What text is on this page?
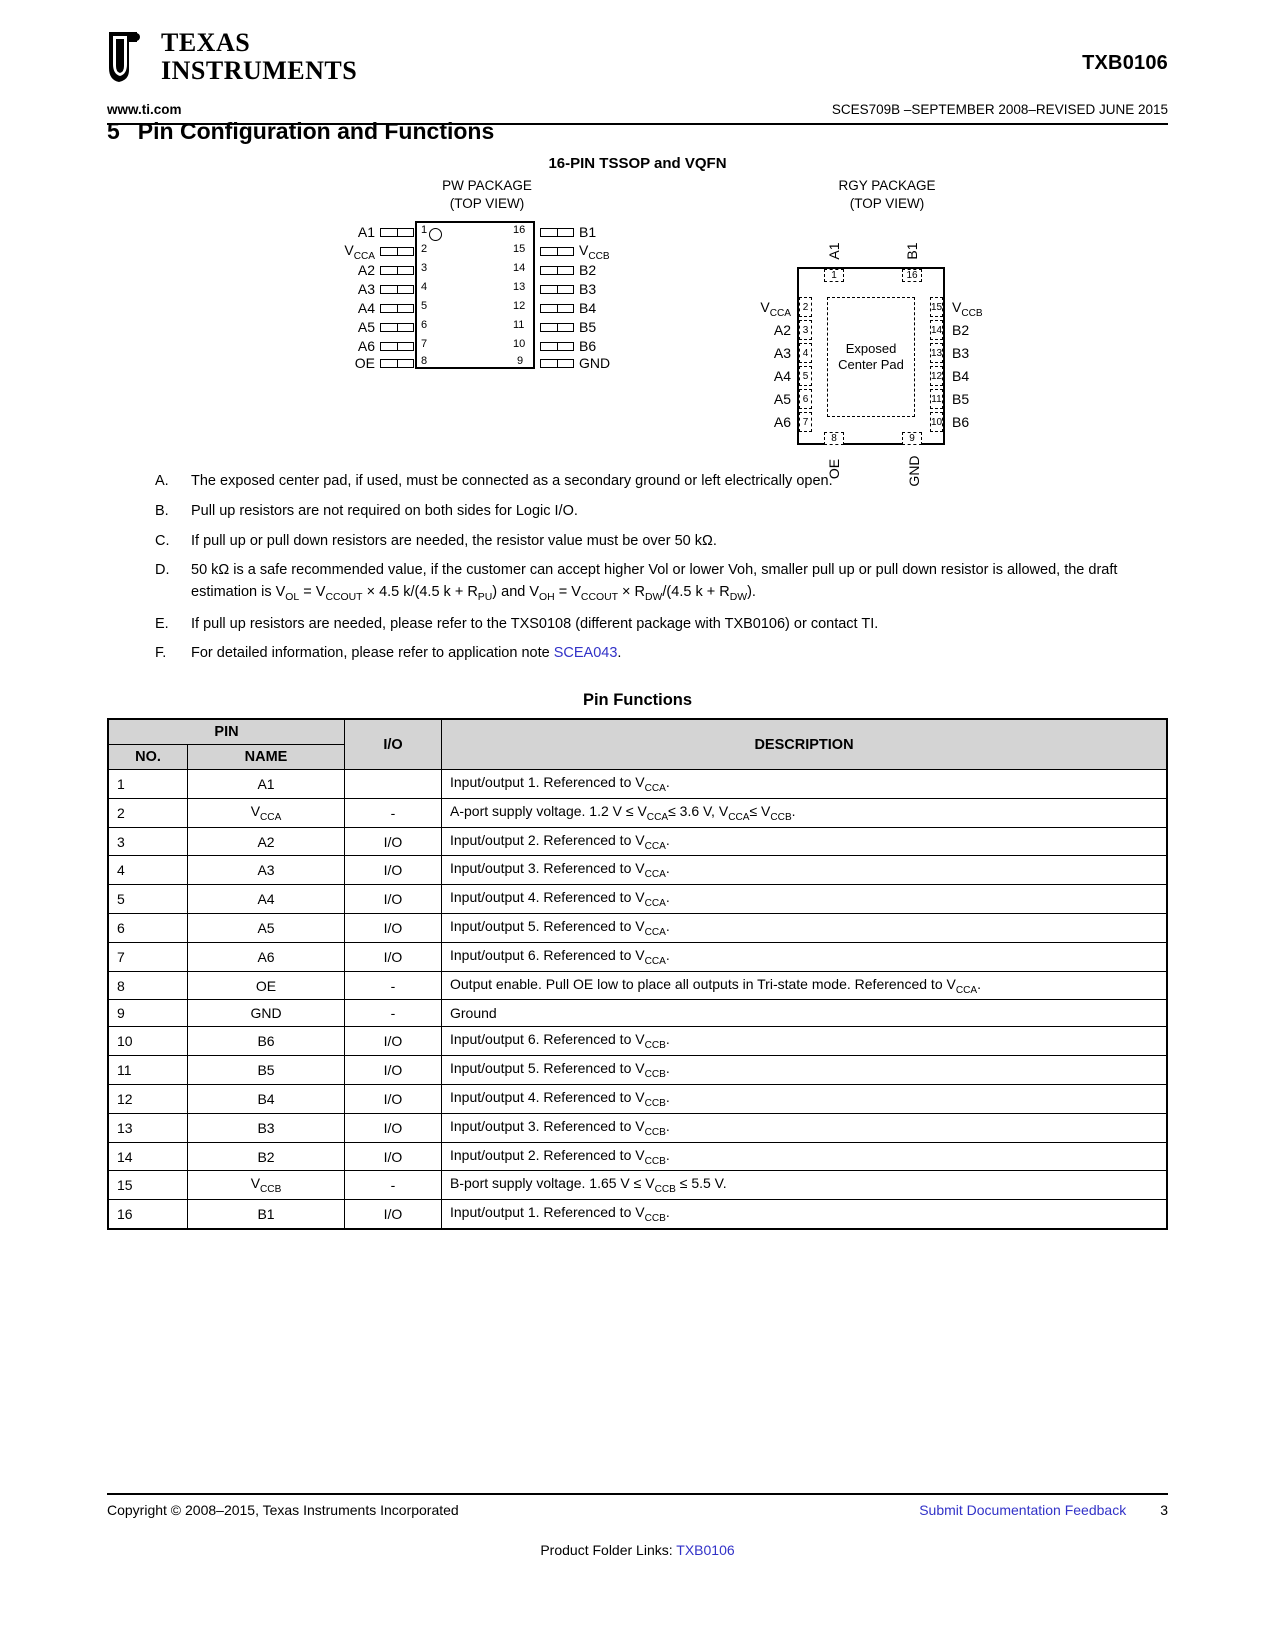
TEXAS
INSTRUMENTS	TXB0106
www.ti.com	SCES709B –SEPTEMBER 2008–REVISED JUNE 2015
5 Pin Configuration and Functions
16-PIN TSSOP and VQFN
PW PACKAGE
(TOP VIEW)
A1	1
$V_{CCA}$
2
A2	3
A3	4
A4	5
A5	6
A6	7
OE	8
B1
16
$V_{CCB}$
15
B2
14
B3
13
B4
12
B5
11
B6
10
GND
9
RGY PACKAGE
(TOP VIEW)
A1	B1
Exposed
Center Pad
1	16
2
$V_{CCA}$
3
A2
4
A3
5
A4
6
A5
7
A6
15 $V_{CCB}$
14 B2
13 B3
12 B4
11 B5
10 B6
8
OE
9
GND
A.	The exposed center pad, if used, must be connected as a secondary ground or left electrically open.
B.	Pull up resistors are not required on both sides for Logic I/O.
C.	If pull up or pull down resistors are needed, the resistor value must be over 50 kΩ.
D.	50 kΩ is a safe recommended value, if the customer can accept higher Vol or lower Voh, smaller pull up or pull down resistor is allowed, the draft estimation is $V_{OL} = V_{CCOUT} \times 4.5$ k/(4.5 $k + R_{PU}$) and $V_{OH} = V_{CCOUT} \times R_{DW}/(4.5$ $k + R_{DW}$).
E.	If pull up resistors are needed, please refer to the TXS0108 (different package with TXB0106) or contact TI.
F.	For detailed information, please refer to application note SCEA043.
Pin Functions
PIN		I/O	DESCRIPTION
NO.	NAME		
1	A1		Input/output 1. Referenced to $V_{CCA}$.
2	$V_{CCA}$	-	A-port supply voltage. 1.2 $V \le V_{CCA}\le 3.6$ V, $V_{CCA}\le V_{CCB}$.
3	A2	I/O	Input/output 2. Referenced to $V_{CCA}$.
4	A3	I/O	Input/output 3. Referenced to $V_{CCA}$.
5	A4	I/O	Input/output 4. Referenced to $V_{CCA}$.
6	A5	I/O	Input/output 5. Referenced to $V_{CCA}$.
7	A6	I/O	Input/output 6. Referenced to $V_{CCA}$.
8	OE	-	Output enable. Pull OE low to place all outputs in Tri-state mode. Referenced to $V_{CCA}$.
9	GND	-	Ground
10	B6	I/O	Input/output 6. Referenced to $V_{CCB}$.
11	B5	I/O	Input/output 5. Referenced to $V_{CCB}$.
12	B4	I/O	Input/output 4. Referenced to $V_{CCB}$.
13	B3	I/O	Input/output 3. Referenced to $V_{CCB}$.
14	B2	I/O	Input/output 2. Referenced to $V_{CCB}$.
15	$V_{CCB}$	-	B-port supply voltage. 1.65 $V \le V_{CCB} \le 5.5$ V.
16	B1	I/O	Input/output 1. Referenced to $V_{CCB}$.
Copyright © 2008–2015, Texas Instruments Incorporated	Submit Documentation Feedback 3
Product Folder Links: TXB0106
